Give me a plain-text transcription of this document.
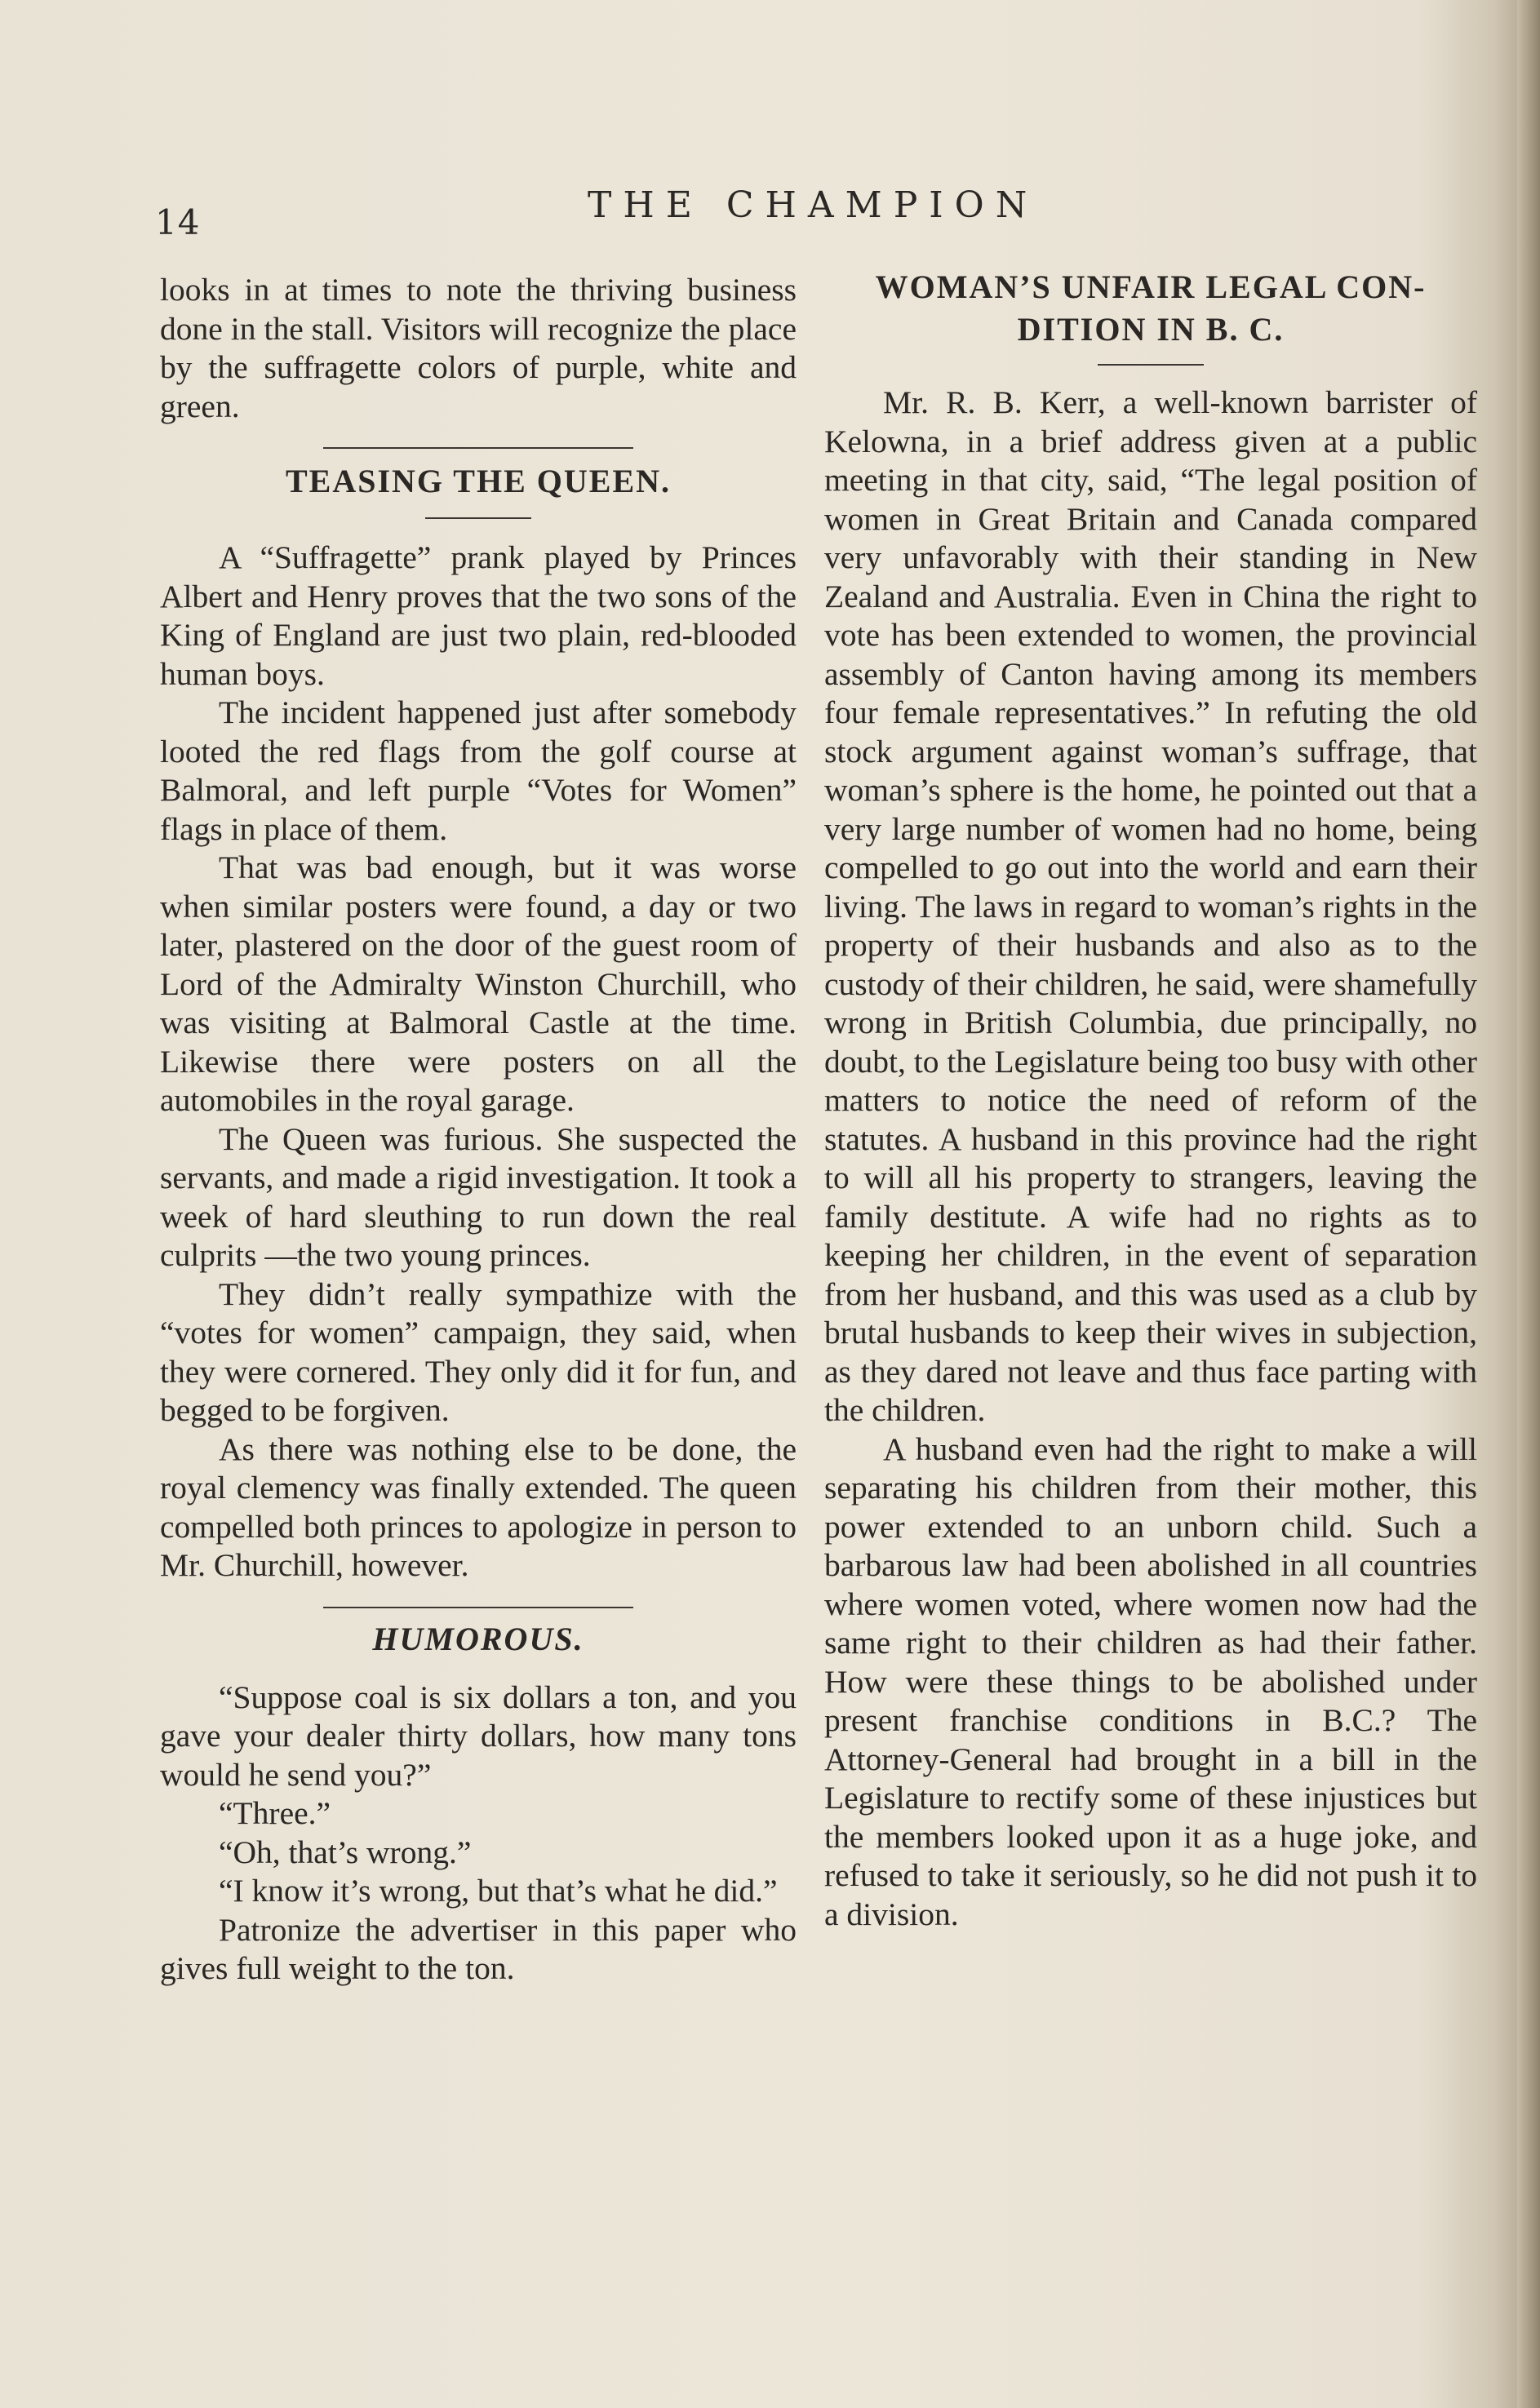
14	THE CHAMPION

looks in at times to note the thriving business done in the stall. Visitors will recognize the place by the suffragette colors of purple, white and green.

TEASING THE QUEEN.

A “Suffragette” prank played by Princes Albert and Henry proves that the two sons of the King of England are just two plain, red-blooded human boys.

The incident happened just after somebody looted the red flags from the golf course at Balmoral, and left purple “Votes for Women” flags in place of them.

That was bad enough, but it was worse when similar posters were found, a day or two later, plastered on the door of the guest room of Lord of the Admiralty Winston Churchill, who was visiting at Balmoral Castle at the time. Likewise there were posters on all the automobiles in the royal garage.

The Queen was furious. She suspected the servants, and made a rigid investigation. It took a week of hard sleuthing to run down the real culprits —the two young princes.

They didn’t really sympathize with the “votes for women” campaign, they said, when they were cornered. They only did it for fun, and begged to be forgiven.

As there was nothing else to be done, the royal clemency was finally extended. The queen compelled both princes to apologize in person to Mr. Churchill, however.

HUMOROUS.

“Suppose coal is six dollars a ton, and you gave your dealer thirty dollars, how many tons would he send you?”

“Three.”

“Oh, that’s wrong.”

“I know it’s wrong, but that’s what he did.”

Patronize the advertiser in this paper who gives full weight to the ton.

WOMAN’S UNFAIR LEGAL CON-
DITION IN B. C.

Mr. R. B. Kerr, a well-known barrister of Kelowna, in a brief address given at a public meeting in that city, said, “The legal position of women in Great Britain and Canada compared very unfavorably with their standing in New Zealand and Australia. Even in China the right to vote has been extended to women, the provincial assembly of Canton having among its members four female representatives.” In refuting the old stock argument against woman’s suffrage, that woman’s sphere is the home, he pointed out that a very large number of women had no home, being compelled to go out into the world and earn their living. The laws in regard to woman’s rights in the property of their husbands and also as to the custody of their children, he said, were shamefully wrong in British Columbia, due principally, no doubt, to the Legislature being too busy with other matters to notice the need of reform of the statutes. A husband in this province had the right to will all his property to strangers, leaving the family destitute. A wife had no rights as to keeping her children, in the event of separation from her husband, and this was used as a club by brutal husbands to keep their wives in subjection, as they dared not leave and thus face parting with the children.

A husband even had the right to make a will separating his children from their mother, this power extended to an unborn child. Such a barbarous law had been abolished in all countries where women voted, where women now had the same right to their children as had their father. How were these things to be abolished under present franchise conditions in B.C.? The Attorney-General had brought in a bill in the Legislature to rectify some of these injustices but the members looked upon it as a huge joke, and refused to take it seriously, so he did not push it to a division.
